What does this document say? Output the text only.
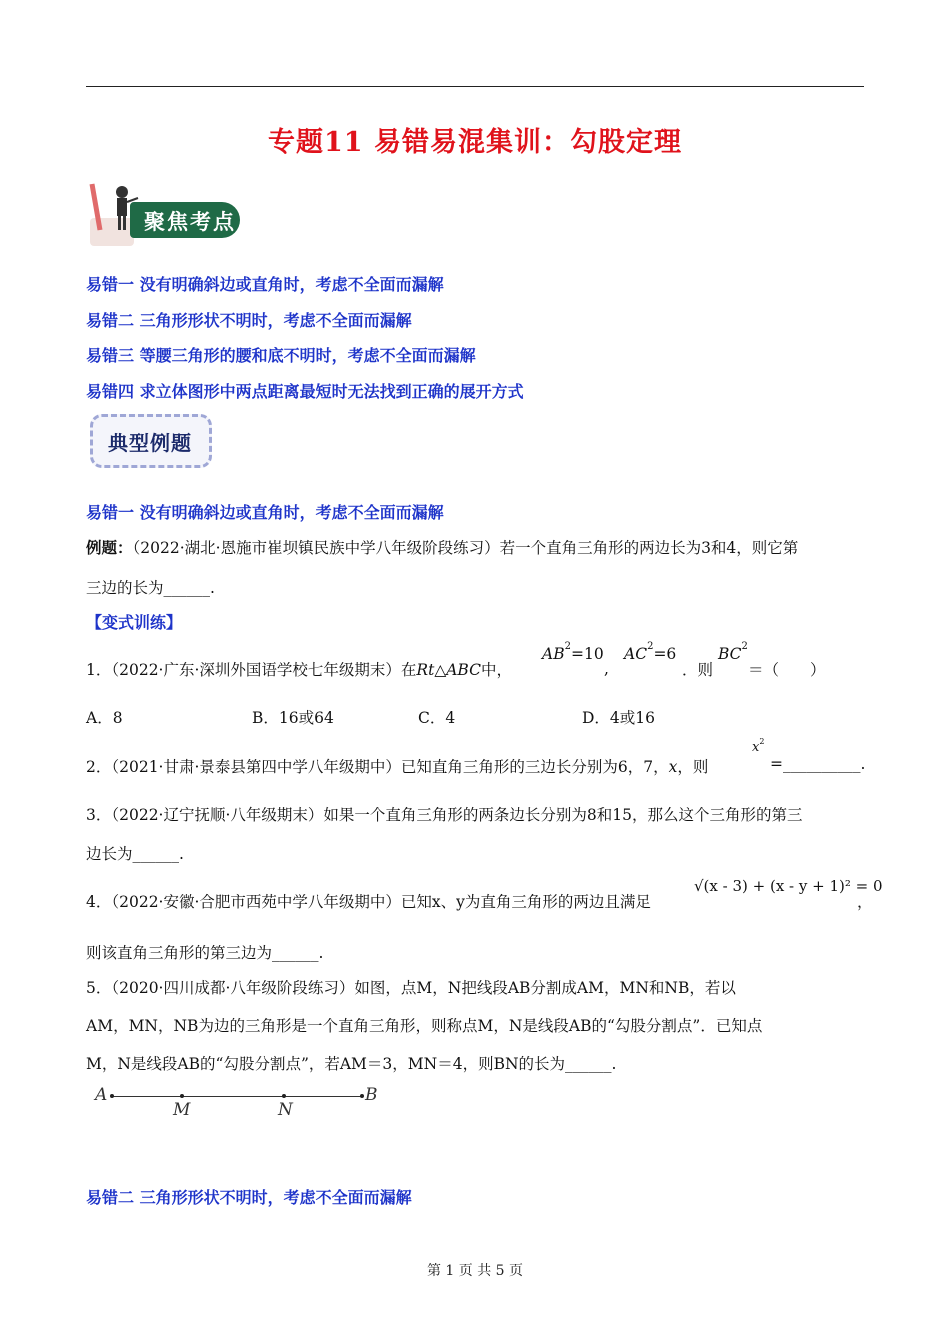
专题11 易错易混集训：勾股定理
聚焦考点
易错一 没有明确斜边或直角时，考虑不全面而漏解
易错二 三角形形状不明时，考虑不全面而漏解
易错三 等腰三角形的腰和底不明时，考虑不全面而漏解
易错四 求立体图形中两点距离最短时无法找到正确的展开方式
典型例题
易错一 没有明确斜边或直角时，考虑不全面而漏解
例题：（2022·湖北·恩施市崔坝镇民族中学八年级阶段练习）若一个直角三角形的两边长为3和4，则它第
三边的长为______.
【变式训练】
1．（2022·广东·深圳外国语学校七年级期末）在Rt△ABC中，
$AB^2=10$
,
$AC^2=6$
．则
$BC^2$
＝（　　）
A．8	B．16或64	C．4	D．4或16
2．（2021·甘肃·景泰县第四中学八年级期中）已知直角三角形的三边长分别为6，7，x，则
$x^2$
=__________.
3．（2022·辽宁抚顺·八年级期末）如果一个直角三角形的两条边长分别为8和15，那么这个三角形的第三
边长为______.
4．（2022·安徽·合肥市西苑中学八年级期中）已知x、y为直角三角形的两边且满足
√(x - 3) + (x - y + 1)² = 0
，
则该直角三角形的第三边为______.
5．（2020·四川成都·八年级阶段练习）如图，点M，N把线段AB分割成AM，MN和NB，若以
AM，MN，NB为边的三角形是一个直角三角形，则称点M，N是线段AB的“勾股分割点”．已知点
M，N是线段AB的“勾股分割点”，若AM＝3，MN＝4，则BN的长为______.
A
M	N
B
易错二 三角形形状不明时，考虑不全面而漏解
第 1 页 共 5 页
